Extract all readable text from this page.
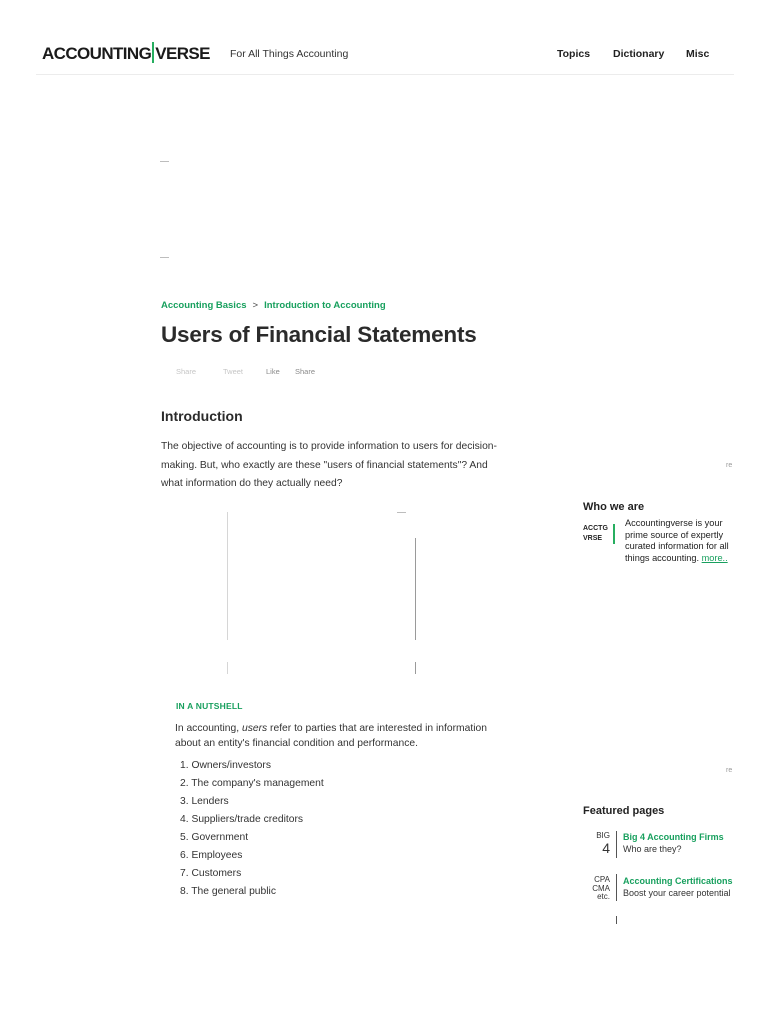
ACCOUNTING VERSE For All Things Accounting	Topics Dictionary Misc
Accounting Basics > Introduction to Accounting
Users of Financial Statements
Share	Tweet	Like Share
Introduction

The objective of accounting is to provide information to users for decision-making. But, who exactly are these "users of financial statements"? And what information do they actually need?

IN A NUTSHELL

In accounting, users refer to parties that are interested in information about an entity's financial condition and performance.

1. Owners/investors
2. The company's management
3. Lenders
4. Suppliers/trade creditors
5. Government
6. Employees
7. Customers
8. The general public
re
Who we are
ACCTG
VRSE

Accountingverse is your prime source of expertly curated information for all things accounting. more..

re
Featured pages
BIG
4
Big 4 Accounting Firms
Who are they?
CPA
CMA
etc.
Accounting Certifications
Boost your career potential
